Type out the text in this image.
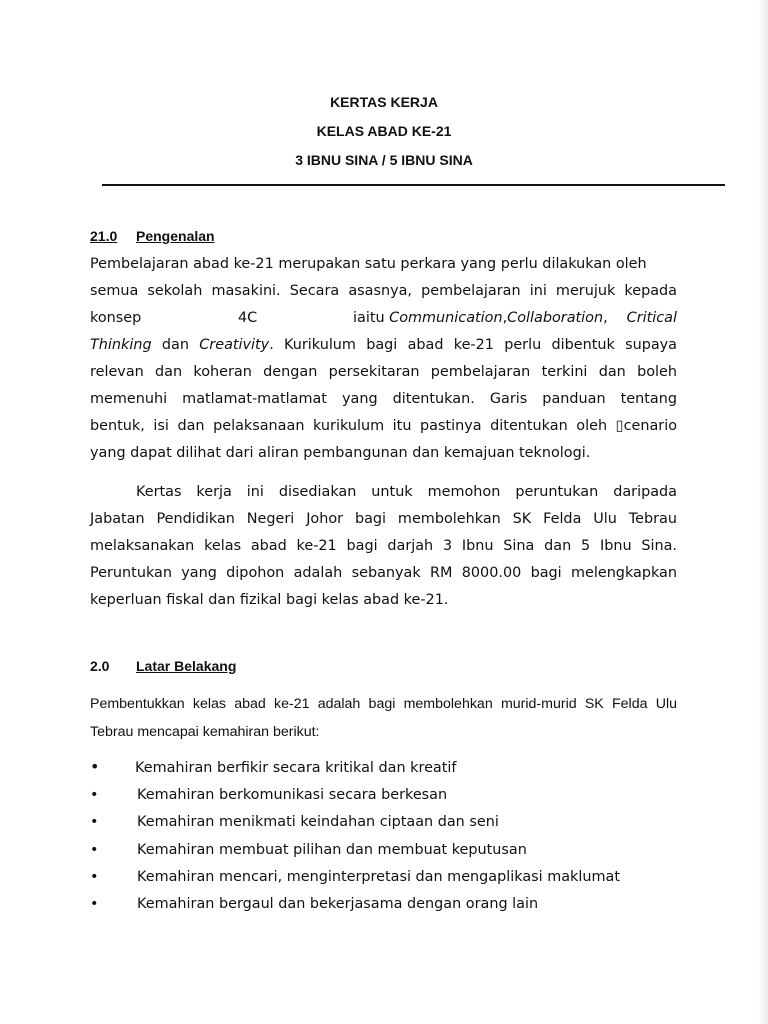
KERTAS KERJA
KELAS ABAD KE-21
3 IBNU SINA / 5 IBNU SINA
21.0 Pengenalan
Pembelajaran abad ke-21 merupakan satu perkara yang perlu dilakukan oleh
semua sekolah masakini. Secara asasnya, pembelajaran ini merujuk kepada
konsep	4C	iaitu Communication,Collaboration, Critical
Thinking dan Creativity. Kurikulum bagi abad ke-21 perlu dibentuk supaya
relevan dan koheran dengan persekitaran pembelajaran terkini dan boleh
memenuhi matlamat-matlamat yang ditentukan. Garis panduan tentang
bentuk, isi dan pelaksanaan kurikulum itu pastinya ditentukan oleh ▯cenario
yang dapat dilihat dari aliran pembangunan dan kemajuan teknologi.
Kertas kerja ini disediakan untuk memohon peruntukan daripada
Jabatan Pendidikan Negeri Johor bagi membolehkan SK Felda Ulu Tebrau
melaksanakan kelas abad ke-21 bagi darjah 3 Ibnu Sina dan 5 Ibnu Sina.
Peruntukan yang dipohon adalah sebanyak RM 8000.00 bagi melengkapkan
keperluan fiskal dan fizikal bagi kelas abad ke-21.
2.0 Latar Belakang
Pembentukkan kelas abad ke-21 adalah bagi membolehkan murid-murid SK Felda Ulu
Tebrau mencapai kemahiran berikut:
• Kemahiran berfikir secara kritikal dan kreatif
•	Kemahiran berkomunikasi secara berkesan
•	Kemahiran menikmati keindahan ciptaan dan seni
•	Kemahiran membuat pilihan dan membuat keputusan
•	Kemahiran mencari, menginterpretasi dan mengaplikasi maklumat
•	Kemahiran bergaul dan bekerjasama dengan orang lain
